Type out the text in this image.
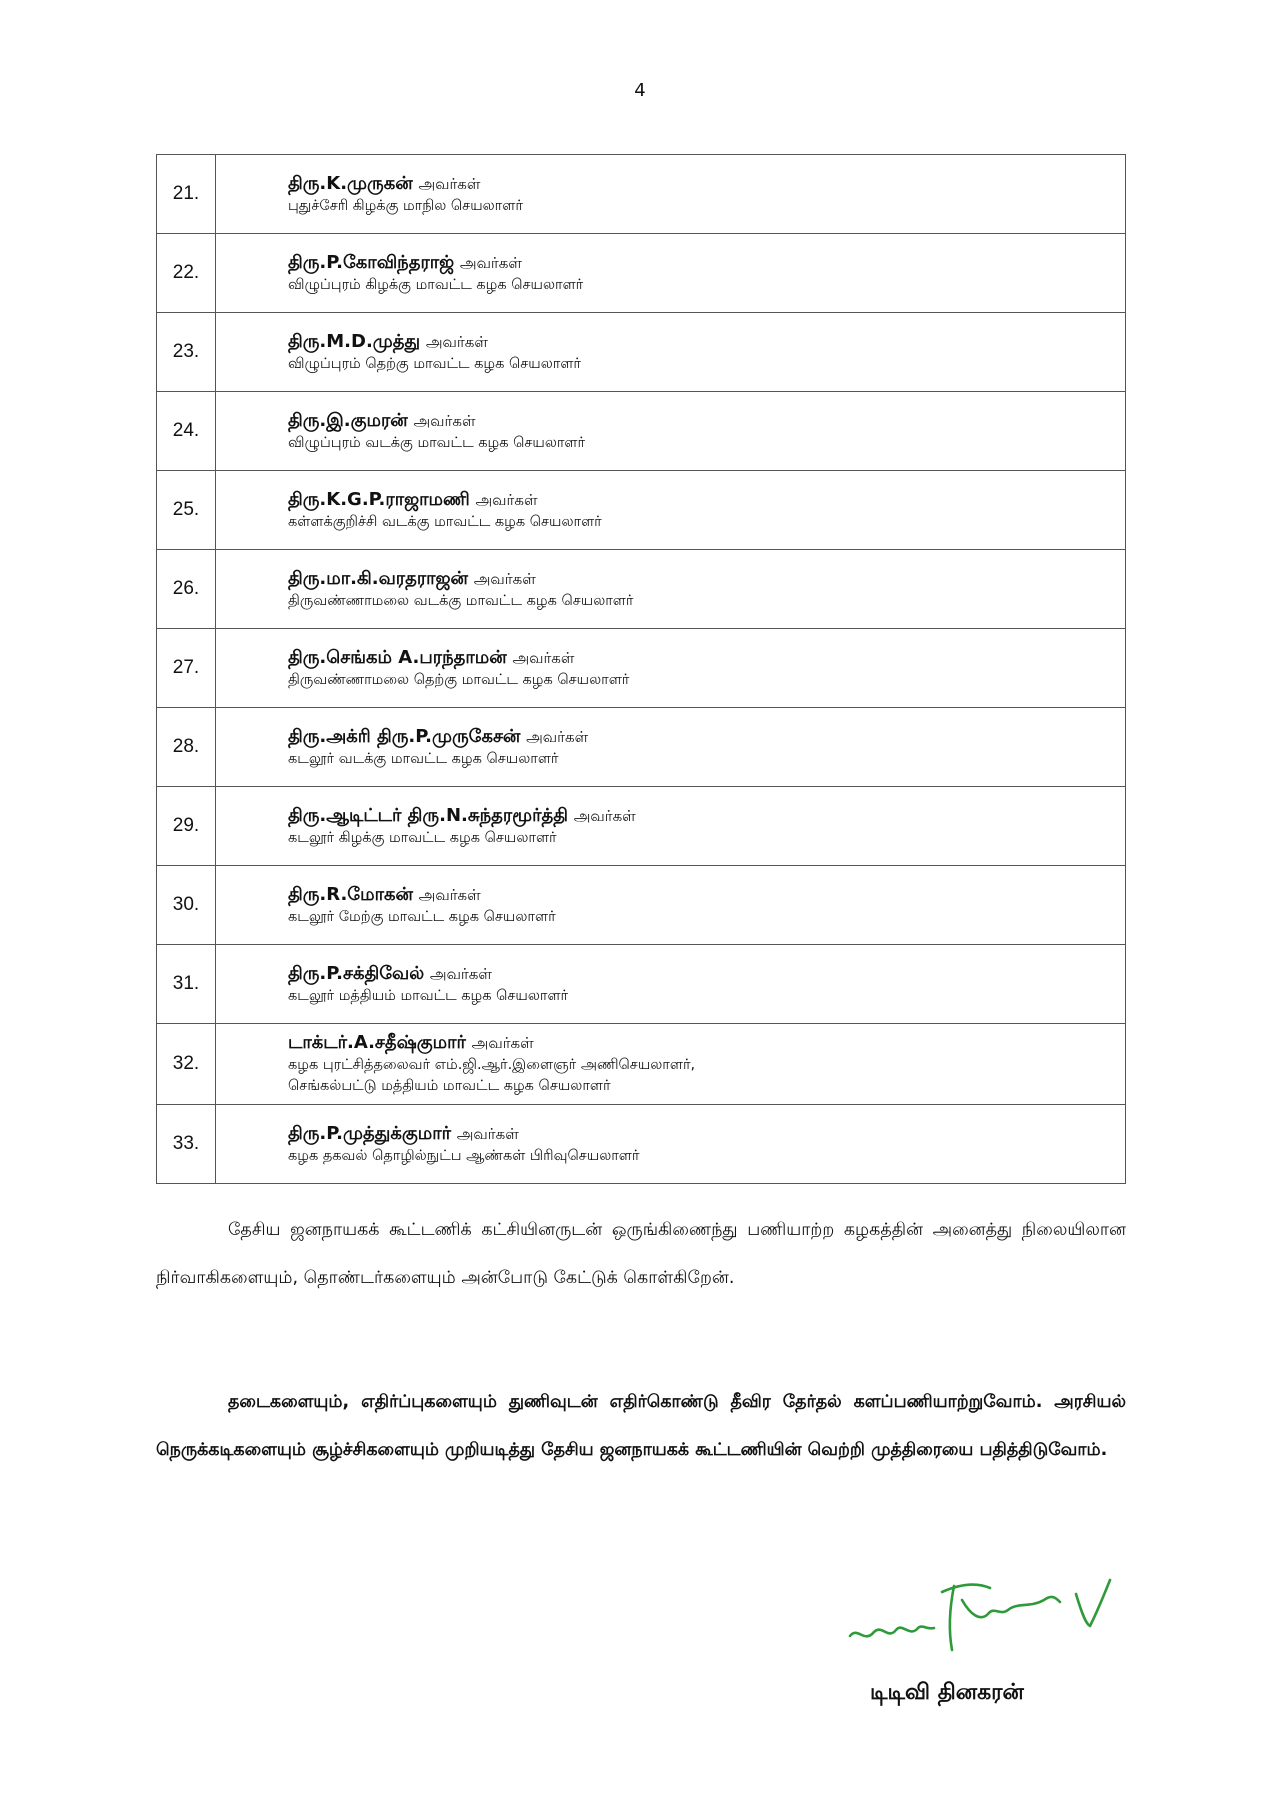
4
21.	திரு.K.முருகன் அவர்கள்
புதுச்சேரி கிழக்கு மாநில செயலாளர்

22.	திரு.P.கோவிந்தராஜ் அவர்கள்
விழுப்புரம் கிழக்கு மாவட்ட கழக செயலாளர்

23.	திரு.M.D.முத்து அவர்கள்
விழுப்புரம் தெற்கு மாவட்ட கழக செயலாளர்

24.	திரு.இ.குமரன் அவர்கள்
விழுப்புரம் வடக்கு மாவட்ட கழக செயலாளர்

25.	திரு.K.G.P.ராஜாமணி அவர்கள்
கள்ளக்குறிச்சி வடக்கு மாவட்ட கழக செயலாளர்

26.	திரு.மா.கி.வரதராஜன் அவர்கள்
திருவண்ணாமலை வடக்கு மாவட்ட கழக செயலாளர்

27.	திரு.செங்கம் A.பரந்தாமன் அவர்கள்
திருவண்ணாமலை தெற்கு மாவட்ட கழக செயலாளர்

28.	திரு.அக்ரி திரு.P.முருகேசன் அவர்கள்
கடலூர் வடக்கு மாவட்ட கழக செயலாளர்

29.	திரு.ஆடிட்டர் திரு.N.சுந்தரமூர்த்தி அவர்கள்
கடலூர் கிழக்கு மாவட்ட கழக செயலாளர்

30.	திரு.R.மோகன் அவர்கள்
கடலூர் மேற்கு மாவட்ட கழக செயலாளர்

31.	திரு.P.சக்திவேல் அவர்கள்
கடலூர் மத்தியம் மாவட்ட கழக செயலாளர்

32.	டாக்டர்.A.சதீஷ்குமார் அவர்கள்
கழக புரட்சித்தலைவர் எம்.ஜி.ஆர்.இளைஞர் அணிசெயலாளர்,
செங்கல்பட்டு மத்தியம் மாவட்ட கழக செயலாளர்

33.	திரு.P.முத்துக்குமார் அவர்கள்
கழக தகவல் தொழில்நுட்ப ஆண்கள் பிரிவுசெயலாளர்
தேசிய ஜனநாயகக் கூட்டணிக் கட்சியினருடன் ஒருங்கிணைந்து பணியாற்ற கழகத்தின் அனைத்து நிலையிலான நிர்வாகிகளையும், தொண்டர்களையும் அன்போடு கேட்டுக் கொள்கிறேன்.
தடைகளையும், எதிர்ப்புகளையும் துணிவுடன் எதிர்கொண்டு தீவிர தேர்தல் களப்பணியாற்றுவோம். அரசியல் நெருக்கடிகளையும் சூழ்ச்சிகளையும் முறியடித்து தேசிய ஜனநாயகக் கூட்டணியின் வெற்றி முத்திரையை பதித்திடுவோம்.
டிடிவி தினகரன்
